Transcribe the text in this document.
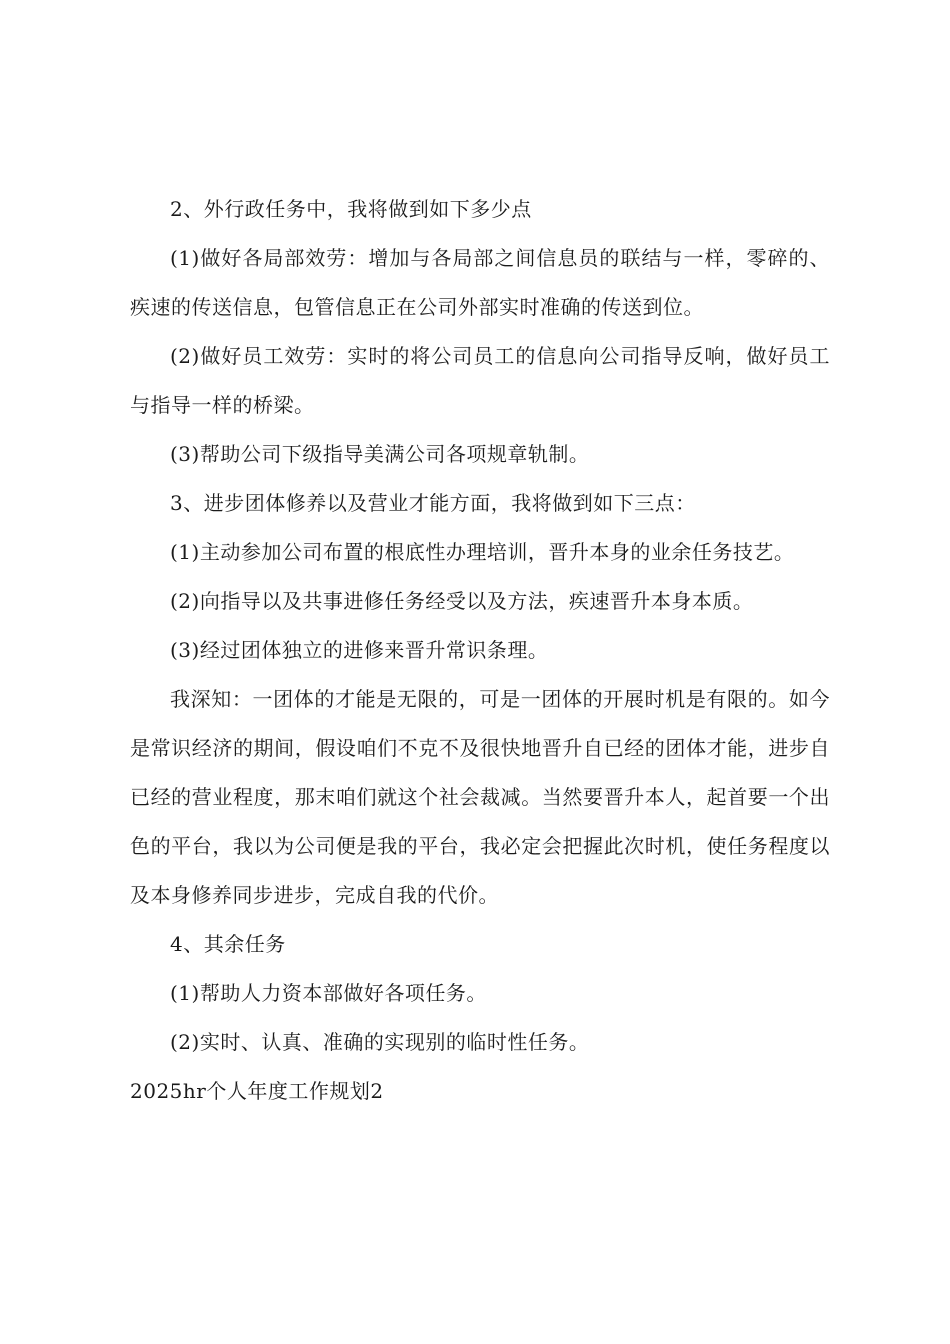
2、外行政任务中，我将做到如下多少点

(1)做好各局部效劳：增加与各局部之间信息员的联结与一样，零碎的、疾速的传送信息，包管信息正在公司外部实时准确的传送到位。

(2)做好员工效劳：实时的将公司员工的信息向公司指导反响，做好员工与指导一样的桥梁。

(3)帮助公司下级指导美满公司各项规章轨制。

3、进步团体修养以及营业才能方面，我将做到如下三点：

(1)主动参加公司布置的根底性办理培训，晋升本身的业余任务技艺。

(2)向指导以及共事进修任务经受以及方法，疾速晋升本身本质。

(3)经过团体独立的进修来晋升常识条理。

我深知：一团体的才能是无限的，可是一团体的开展时机是有限的。如今是常识经济的期间，假设咱们不克不及很快地晋升自已经的团体才能，进步自已经的营业程度，那末咱们就这个社会裁减。当然要晋升本人，起首要一个出色的平台，我以为公司便是我的平台，我必定会把握此次时机，使任务程度以及本身修养同步进步，完成自我的代价。

4、其余任务

(1)帮助人力资本部做好各项任务。

(2)实时、认真、准确的实现别的临时性任务。

2025hr个人年度工作规划2
